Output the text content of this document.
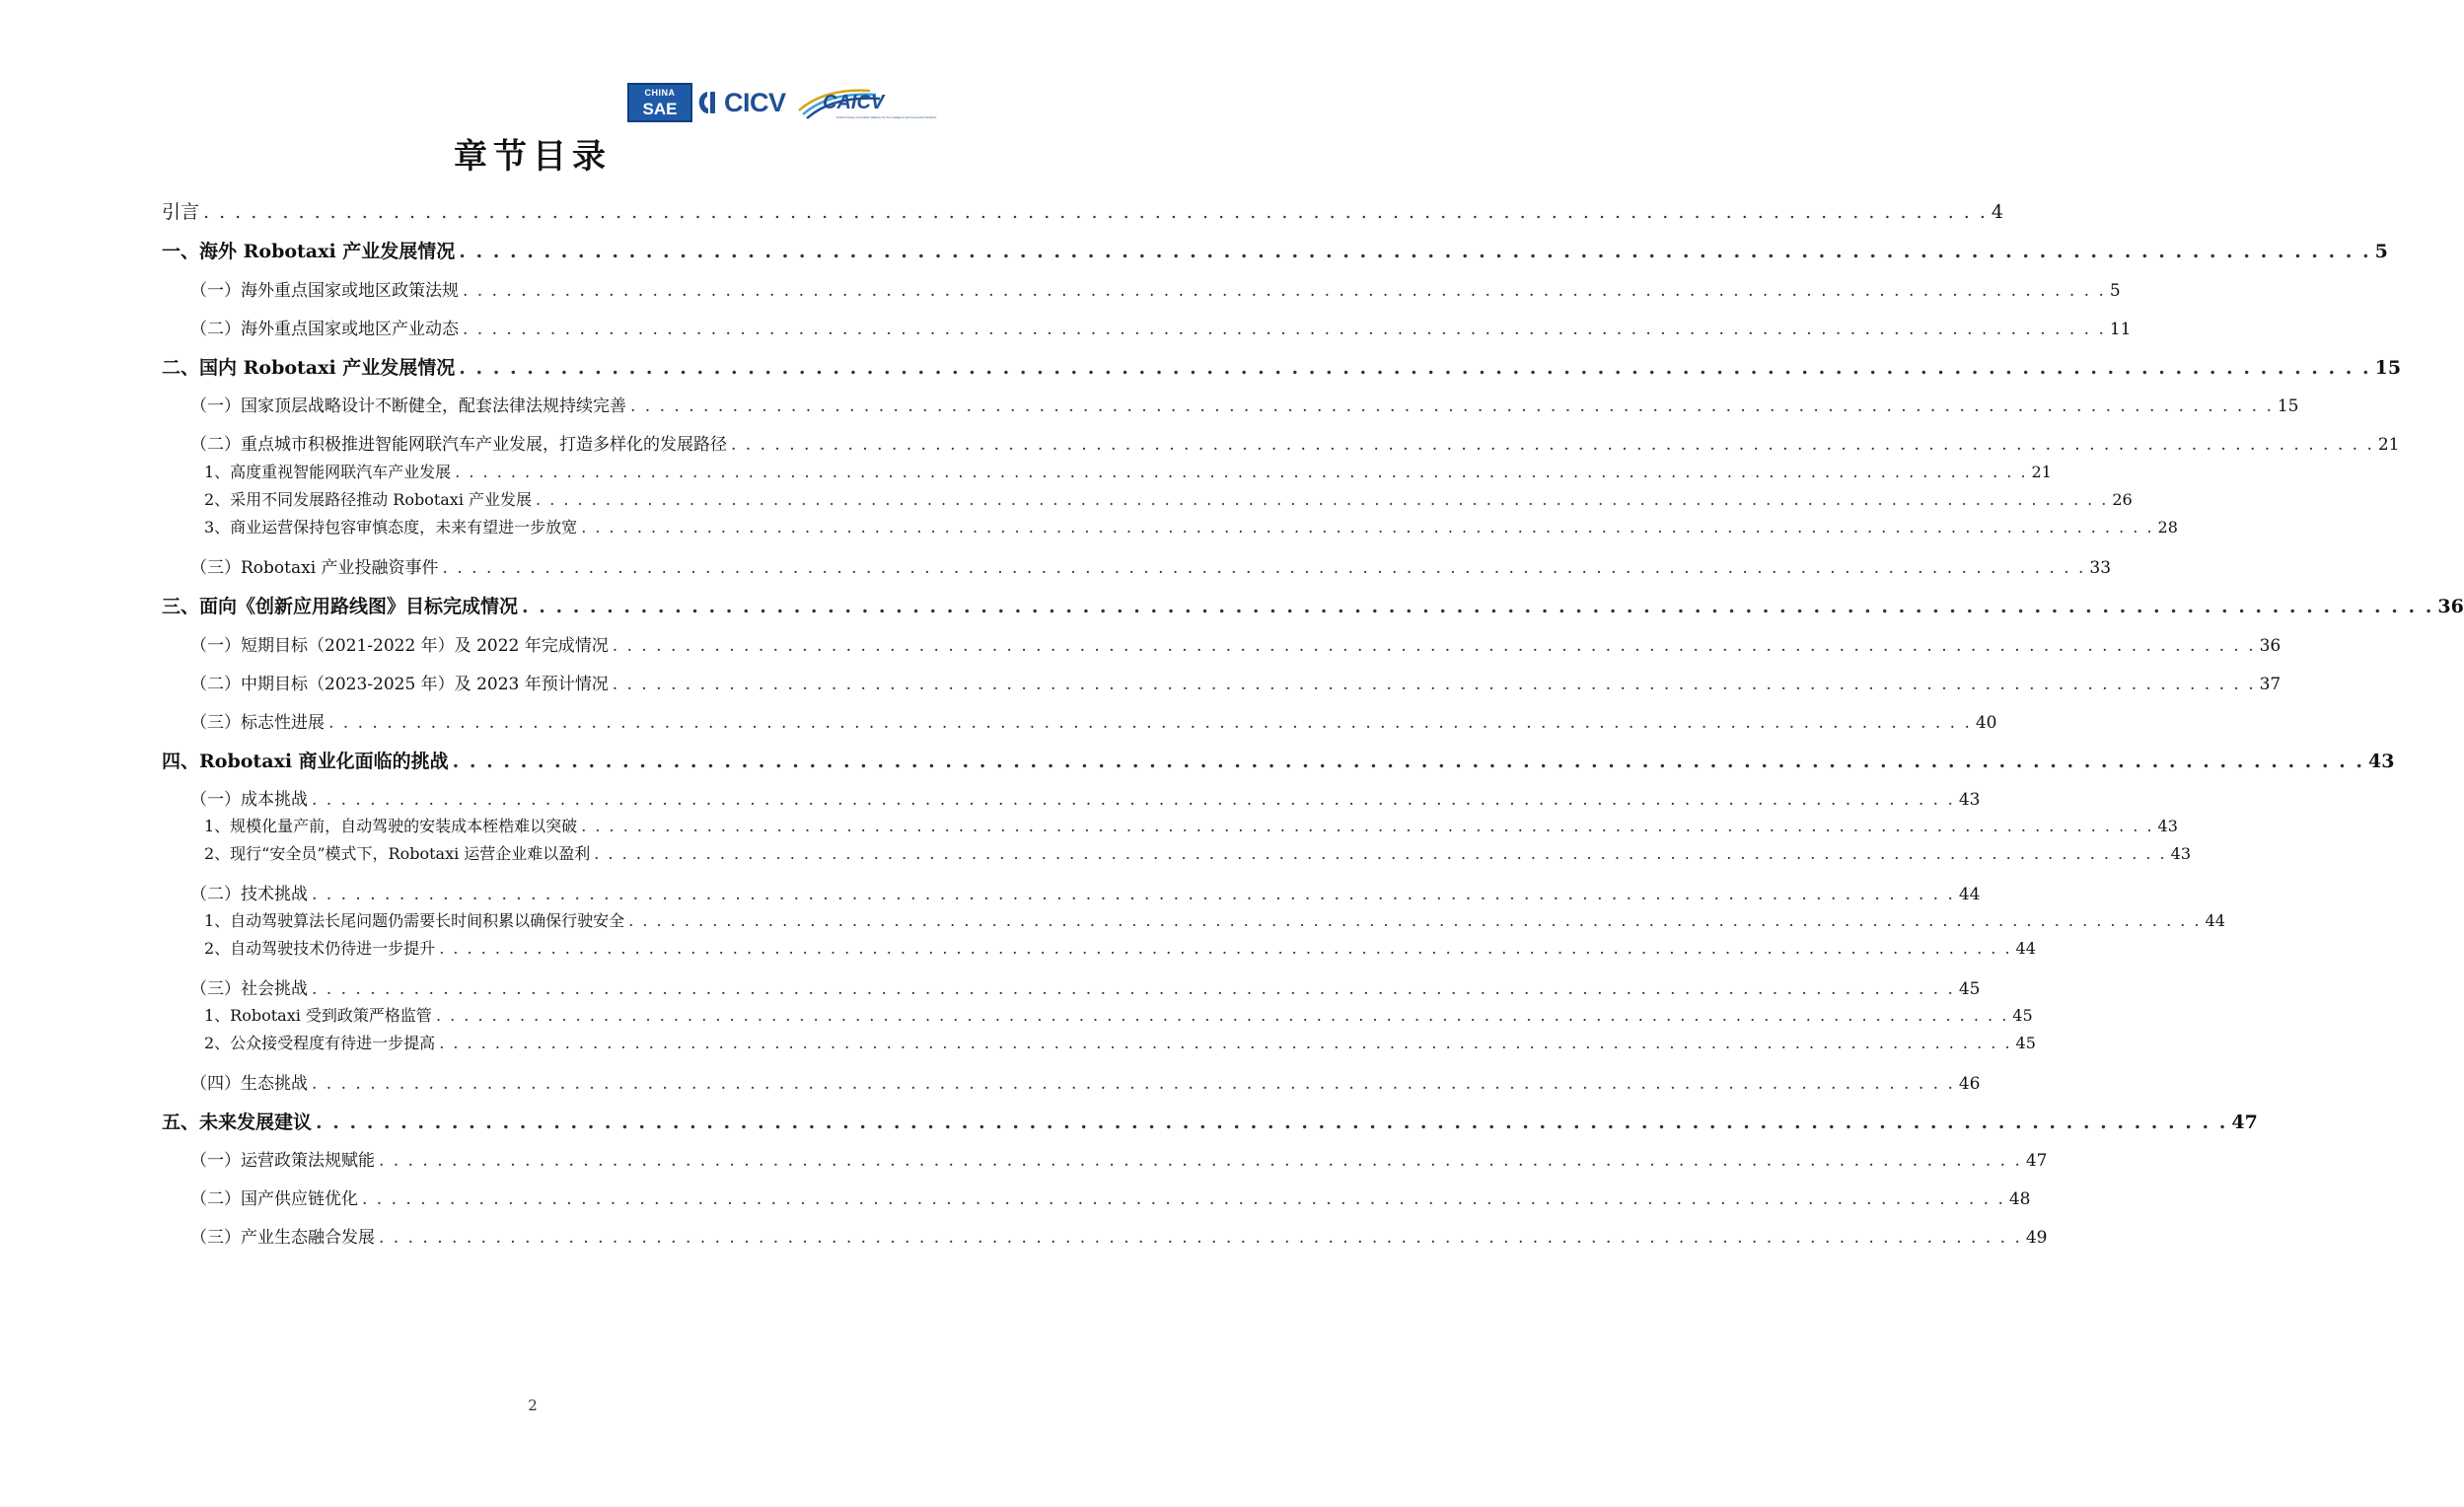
CHINA
SAE	CICV CAICV
China Industry Innovation Alliance for the Intelligent and Connected Vehicles
章节目录
引言 . . .	4
一、海外 Robotaxi 产业发展情况 . . .	5
（一）海外重点国家或地区政策法规 . . .	5
（二）海外重点国家或地区产业动态 . . .	11
二、国内 Robotaxi 产业发展情况 . . .	15
（一）国家顶层战略设计不断健全，配套法律法规持续完善 . . .	15
（二）重点城市积极推进智能网联汽车产业发展，打造多样化的发展路径 . . .	21
1、高度重视智能网联汽车产业发展 . . .	21
2、采用不同发展路径推动 Robotaxi 产业发展 . . .	26
3、商业运营保持包容审慎态度，未来有望进一步放宽 . . .	28
（三）Robotaxi 产业投融资事件 . . .	33
三、面向《创新应用路线图》目标完成情况 . . .	36
（一）短期目标（2021-2022 年）及 2022 年完成情况 . . .	36
（二）中期目标（2023-2025 年）及 2023 年预计情况 . . .	37
（三）标志性进展 . . .	40
四、Robotaxi 商业化面临的挑战 . . .	43
（一）成本挑战 . . .	43
1、规模化量产前，自动驾驶的安装成本桎梏难以突破 . . .	43
2、现行“安全员”模式下，Robotaxi 运营企业难以盈利 . . .	43
（二）技术挑战 . . .	44
1、自动驾驶算法长尾问题仍需要长时间积累以确保行驶安全 . . .	44
2、自动驾驶技术仍待进一步提升 . . .	44
（三）社会挑战 . . .	45
1、Robotaxi 受到政策严格监管 . . .	45
2、公众接受程度有待进一步提高 . . .	45
（四）生态挑战 . . .	46
五、未来发展建议 . . .	47
（一）运营政策法规赋能 . . .	47
（二）国产供应链优化 . . .	48
（三）产业生态融合发展 . . .	49
2
